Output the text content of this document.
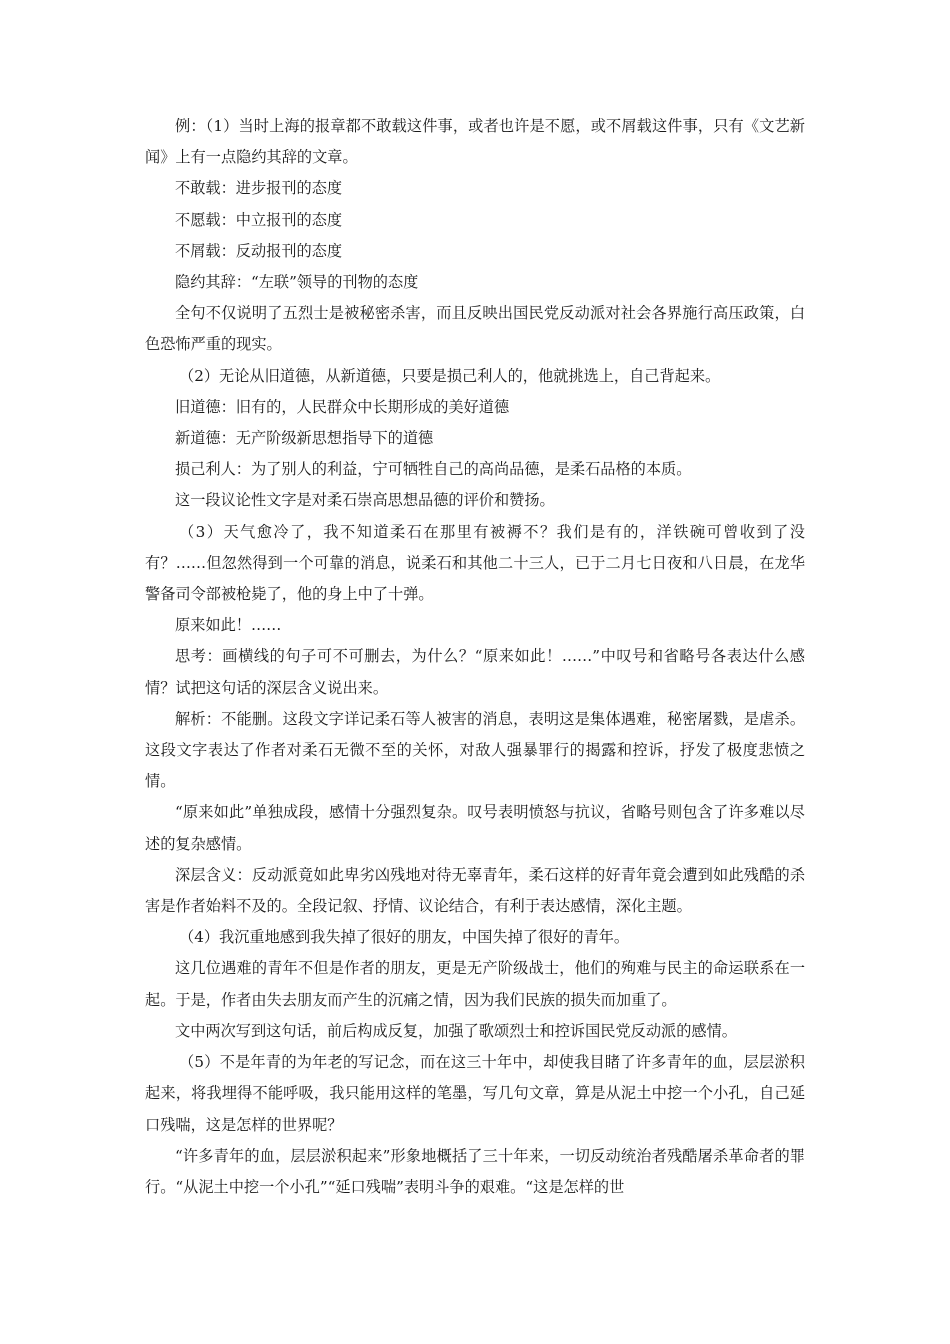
例：（1）当时上海的报章都不敢载这件事，或者也许是不愿，或不屑载这件事，只有《文艺新闻》上有一点隐约其辞的文章。

不敢载：进步报刊的态度

不愿载：中立报刊的态度

不屑载：反动报刊的态度

隐约其辞：“左联”领导的刊物的态度

全句不仅说明了五烈士是被秘密杀害，而且反映出国民党反动派对社会各界施行高压政策，白色恐怖严重的现实。

（2）无论从旧道德，从新道德，只要是损己利人的，他就挑选上，自己背起来。

旧道德：旧有的，人民群众中长期形成的美好道德

新道德：无产阶级新思想指导下的道德

损己利人：为了别人的利益，宁可牺牲自己的高尚品德，是柔石品格的本质。

这一段议论性文字是对柔石崇高思想品德的评价和赞扬。

（3）天气愈冷了，我不知道柔石在那里有被褥不？我们是有的，洋铁碗可曾收到了没有？……但忽然得到一个可靠的消息，说柔石和其他二十三人，已于二月七日夜和八日晨，在龙华警备司令部被枪毙了，他的身上中了十弹。

原来如此！……

思考：画横线的句子可不可删去，为什么？“原来如此！……”中叹号和省略号各表达什么感情？试把这句话的深层含义说出来。

解析：不能删。这段文字详记柔石等人被害的消息，表明这是集体遇难，秘密屠戮，是虐杀。这段文字表达了作者对柔石无微不至的关怀，对敌人强暴罪行的揭露和控诉，抒发了极度悲愤之情。

“原来如此”单独成段，感情十分强烈复杂。叹号表明愤怒与抗议，省略号则包含了许多难以尽述的复杂感情。

深层含义：反动派竟如此卑劣凶残地对待无辜青年，柔石这样的好青年竟会遭到如此残酷的杀害是作者始料不及的。全段记叙、抒情、议论结合，有利于表达感情，深化主题。

（4）我沉重地感到我失掉了很好的朋友，中国失掉了很好的青年。

这几位遇难的青年不但是作者的朋友，更是无产阶级战士，他们的殉难与民主的命运联系在一起。于是，作者由失去朋友而产生的沉痛之情，因为我们民族的损失而加重了。

文中两次写到这句话，前后构成反复，加强了歌颂烈士和控诉国民党反动派的感情。

（5）不是年青的为年老的写记念，而在这三十年中，却使我目睹了许多青年的血，层层淤积起来，将我埋得不能呼吸，我只能用这样的笔墨，写几句文章，算是从泥土中挖一个小孔，自己延口残喘，这是怎样的世界呢？

“许多青年的血，层层淤积起来”形象地概括了三十年来，一切反动统治者残酷屠杀革命者的罪行。“从泥土中挖一个小孔”“延口残喘”表明斗争的艰难。“这是怎样的世
